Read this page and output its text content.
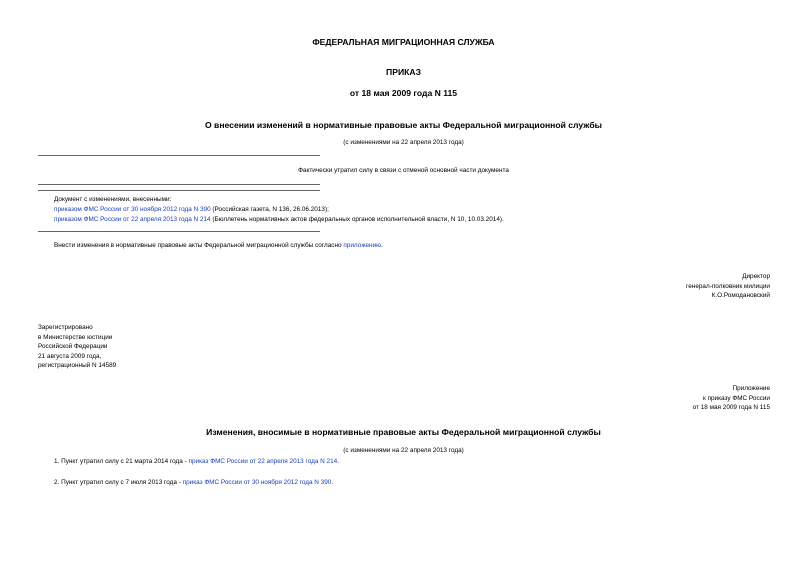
ФЕДЕРАЛЬНАЯ МИГРАЦИОННАЯ СЛУЖБА
ПРИКАЗ
от 18 мая 2009 года N 115
О внесении изменений в нормативные правовые акты Федеральной миграционной службы
(с изменениями на 22 апреля 2013 года)
Фактически утратил силу в связи с отменой основной части документа
Документ с изменениями, внесенными:
приказом ФМС России от 30 ноября 2012 года N 390 (Российская газета, N 136, 26.06.2013);
приказом ФМС России от 22 апреля 2013 года N 214 (Бюллетень нормативных актов федеральных органов исполнительной власти, N 10, 10.03.2014).
Внести изменения в нормативные правовые акты Федеральной миграционной службы согласно приложению.
Директор
генерал-полковник милиции
К.О.Ромодановский
Зарегистрировано
в Министерстве юстиции
Российской Федерации
21 августа 2009 года,
регистрационный N 14589
Приложение
к приказу ФМС России
от 18 мая 2009 года N 115
Изменения, вносимые в нормативные правовые акты Федеральной миграционной службы
(с изменениями на 22 апреля 2013 года)
1. Пункт утратил силу с 21 марта 2014 года - приказ ФМС России от 22 апреля 2013 года N 214.
2. Пункт утратил силу с 7 июля 2013 года - приказ ФМС России от 30 ноября 2012 года N 390.
